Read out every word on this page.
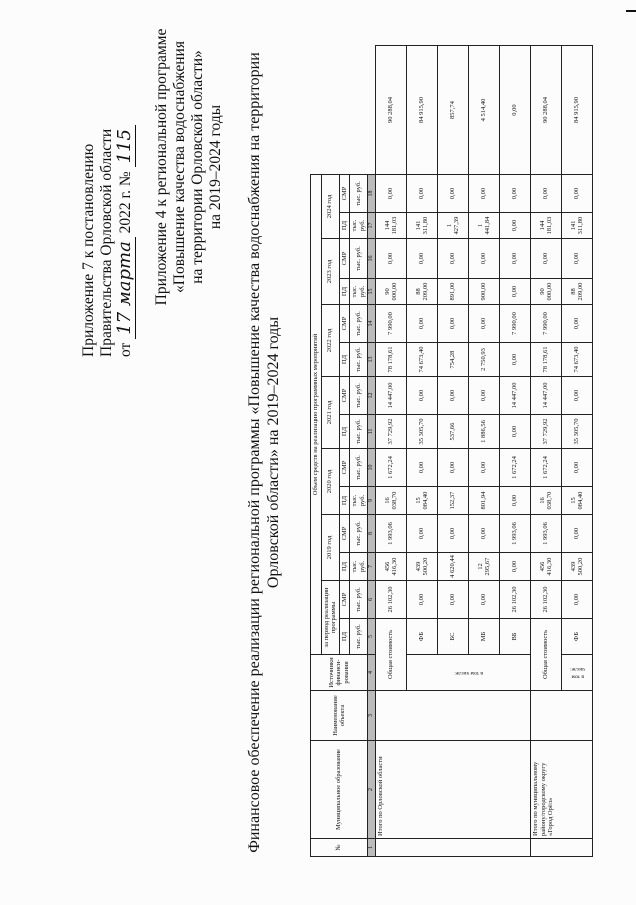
Приложение 7 к постановлению Правительства Орловской области от 17 марта 2022 г. № 115 Приложение 4 к региональной программе «Повышение качества водоснабжения на территории Орловской области» на 2019–2024 годы Финансовое обеспечение реализации региональной программы «Повышение качества водоснабжения на территории Орловской области» на 2019–2024 годы
№	Муниципальное образование	Наименование объекта	Источники финанси-рования	Объем средств на реализацию программных мероприятий														
				за период реализации программы		2019 год		2020 год		2021 год		2022 год		2023 год		2024 год		
				ПД	СМР	ПД	СМР	ПД	СМР	ПД	СМР	ПД	СМР	ПД	СМР	ПД	СМР	
				тыс. руб.	тыс. руб.	тыс. руб.	тыс. руб.	тыс. руб.	тыс. руб.	тыс. руб.	тыс. руб.	тыс. руб.	тыс. руб.	тыс. руб.	тыс. руб.	тыс. руб.	тыс. руб.	
1	2	3	4	5	6	7	8	9	10	11	12	13	14	15	16	17	18	
	Итого по Орловской области		Общая стоимость		26 102,30	456 416,30	1 993,06	16 038,70	1 672,24	37 729,92	14 447,00	78 178,61	7 990,00	90 000,00	0,00	144 181,03	0,00	90 288,04
			в том числе:	ФБ	0,00	439 500,20	0,00	15 084,40	0,00	35 305,70	0,00	74 673,40	0,00	88 209,00	0,00	141 311,80	0,00	84 915,90
				БС	0,00	4 620,44	0,00	152,37	0,00	537,66	0,00	754,28	0,00	891,00	0,00	1 427,39	0,00	857,74
				МБ	0,00	12 295,67	0,00	801,94	0,00	1 886,56	0,00	2 750,93	0,00	900,00	0,00	1 441,84	0,00	4 514,40
				ВБ	26 102,30	0,00	1 993,06	0,00	1 672,24	0,00	14 447,00	0,00	7 990,00	0,00	0,00	0,00	0,00	0,00
	Итого по муниципальному району/городскому округу «Город Орёл»		Общая стоимость		26 102,30	456 416,30	1 993,06	16 038,70	1 672,24	37 729,92	14 447,00	78 178,61	7 990,00	90 000,00	0,00	144 181,03	0,00	90 288,04
			в том числе:	ФБ	0,00	439 500,20	0,00	15 084,40	0,00	35 305,70	0,00	74 673,40	0,00	88 209,00	0,00	141 311,80	0,00	84 915,90
